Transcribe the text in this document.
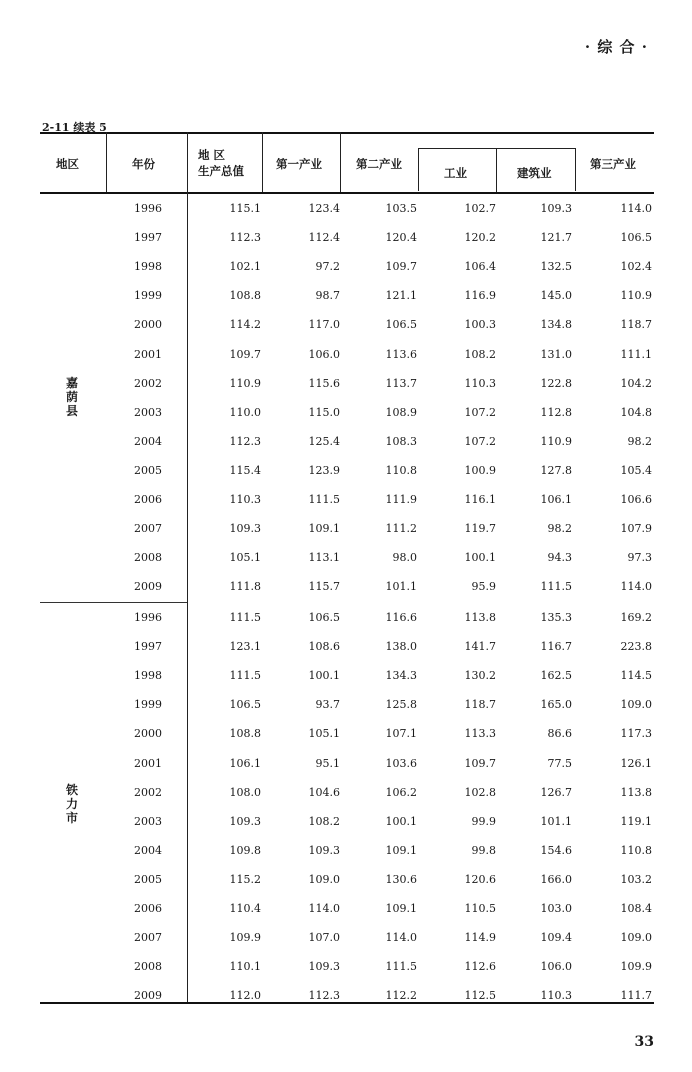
· 综 合 ·
2-11 续表 5
地区	年份
地 区
生产总值	第一产业	第二产业
工业	建筑业
第三产业
嘉
荫
县
铁
力
市
1996	115.1	123.4	103.5	102.7	109.3	114.0
1997	112.3	112.4	120.4	120.2	121.7	106.5
1998	102.1	97.2	109.7	106.4	132.5	102.4
1999	108.8	98.7	121.1	116.9	145.0	110.9
2000	114.2	117.0	106.5	100.3	134.8	118.7
2001	109.7	106.0	113.6	108.2	131.0	111.1
2002	110.9	115.6	113.7	110.3	122.8	104.2
2003	110.0	115.0	108.9	107.2	112.8	104.8
2004	112.3	125.4	108.3	107.2	110.9	98.2
2005	115.4	123.9	110.8	100.9	127.8	105.4
2006	110.3	111.5	111.9	116.1	106.1	106.6
2007	109.3	109.1	111.2	119.7	98.2	107.9
2008	105.1	113.1	98.0	100.1	94.3	97.3
2009	111.8	115.7	101.1	95.9	111.5	114.0
1996	111.5	106.5	116.6	113.8	135.3	169.2
1997	123.1	108.6	138.0	141.7	116.7	223.8
1998	111.5	100.1	134.3	130.2	162.5	114.5
1999	106.5	93.7	125.8	118.7	165.0	109.0
2000	108.8	105.1	107.1	113.3	86.6	117.3
2001	106.1	95.1	103.6	109.7	77.5	126.1
2002	108.0	104.6	106.2	102.8	126.7	113.8
2003	109.3	108.2	100.1	99.9	101.1	119.1
2004	109.8	109.3	109.1	99.8	154.6	110.8
2005	115.2	109.0	130.6	120.6	166.0	103.2
2006	110.4	114.0	109.1	110.5	103.0	108.4
2007	109.9	107.0	114.0	114.9	109.4	109.0
2008	110.1	109.3	111.5	112.6	106.0	109.9
2009	112.0	112.3	112.2	112.5	110.3	111.7
33
